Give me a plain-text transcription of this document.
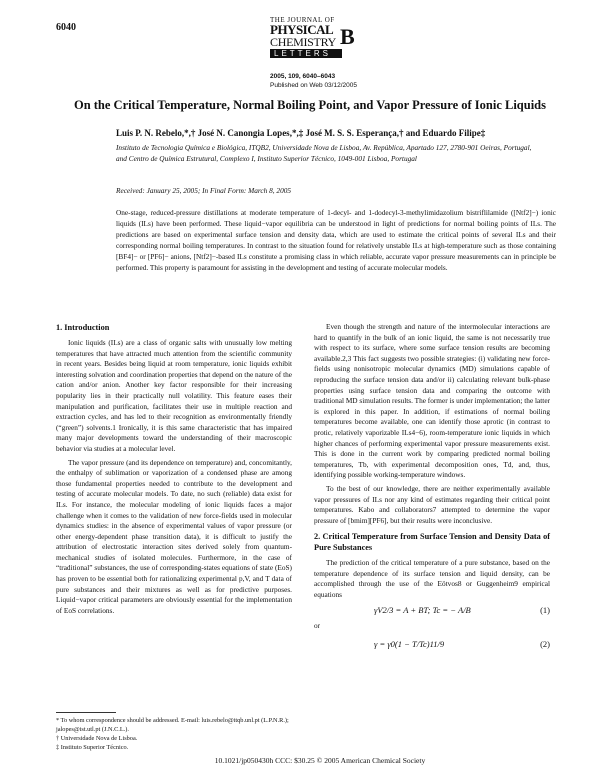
6040
THE JOURNAL OF
PHYSICAL
CHEMISTRY B
LETTERS
2005, 109, 6040–6043
Published on Web 03/12/2005
On the Critical Temperature, Normal Boiling Point, and Vapor Pressure of Ionic Liquids
Luis P. N. Rebelo,*,† José N. Canongia Lopes,*,‡ José M. S. S. Esperança,† and Eduardo Filipe‡
Instituto de Tecnologia Química e Biológica, ITQB2, Universidade Nova de Lisboa, Av. República, Apartado 127, 2780-901 Oeiras, Portugal, and Centro de Química Estrutural, Complexo I, Instituto Superior Técnico, 1049-001 Lisboa, Portugal
Received: January 25, 2005; In Final Form: March 8, 2005
One-stage, reduced-pressure distillations at moderate temperature of 1-decyl- and 1-dodecyl-3-methylimidazolium bistriflilamide ([Ntf2]−) ionic liquids (ILs) have been performed. These liquid−vapor equilibria can be understood in light of predictions for normal boiling points of ILs. The predictions are based on experimental surface tension and density data, which are used to estimate the critical points of several ILs and their corresponding normal boiling temperatures. In contrast to the situation found for relatively unstable ILs at high-temperature such as those containing [BF4]− or [PF6]− anions, [Ntf2]−-based ILs constitute a promising class in which reliable, accurate vapor pressure measurements can in principle be performed. This property is paramount for assisting in the development and testing of accurate molecular models.
1. Introduction

Ionic liquids (ILs) are a class of organic salts with unusually low melting temperatures that have attracted much attention from the scientific community in recent years. Besides being liquid at room temperature, ionic liquids exhibit interesting solvation and coordination properties that depend on the nature of the cation and/or anion. Another key factor responsible for their increasing popularity lies in their practically null volatility. This feature eases their manipulation and purification, facilitates their use in multiple reaction and extraction cycles, and has led to their recognition as environmentally friendly (“green”) solvents.1 Ironically, it is this same characteristic that has impaired many major developments toward the understanding of their macroscopic behavior via studies at a molecular level.

The vapor pressure (and its dependence on temperature) and, concomitantly, the enthalpy of sublimation or vaporization of a condensed phase are among those fundamental properties needed to contribute to the development and testing of accurate molecular models. To date, no such (reliable) data exist for ILs. For instance, the molecular modeling of ionic liquids faces a major challenge when it comes to the validation of new force-fields used in molecular dynamics studies: in the absence of experimental values of vapor pressure (or other energy-dependent phase transition data), it is difficult to justify the attribution of electrostatic interaction sites derived solely from quantum-mechanical studies of isolated molecules. Furthermore, in the case of “traditional” substances, the use of corresponding-states equations of state (EoS) has proven to be essential both for rationalizing experimental p,V, and T data of pure substances and their mixtures as well as for predictive purposes. Liquid−vapor critical parameters are obviously essential for the implementation of EoS correlations.

Even though the strength and nature of the intermolecular interactions are hard to quantify in the bulk of an ionic liquid, the same is not necessarily true with respect to its surface, where some surface tension results are becoming available.2,3 This fact suggests two possible strategies: (i) validating new force-fields using nonisotropic molecular dynamics (MD) simulations capable of reproducing the surface tension data and/or ii) calculating relevant bulk-phase properties using surface tension data and comparing the outcome with traditional MD simulation results. The former is under implementation; the latter is explored in this paper. In addition, if estimations of normal boiling temperatures become available, one can identify those aprotic (in contrast to protic, relatively vaporizable ILs4−6), room-temperature ionic liquids in which higher chances of performing experimental vapor pressure measurements exist. This is done in the current work by comparing predicted normal boiling temperatures, Tb, with experimental decomposition ones, Td, and, thus, identifying possible working-temperature windows.

To the best of our knowledge, there are neither experimentally available vapor pressures of ILs nor any kind of estimates regarding their critical point temperatures. Kabo and collaborators7 attempted to determine the vapor pressure of [bmim][PF6], but their results were inconclusive.

2. Critical Temperature from Surface Tension and Density Data of Pure Substances

The prediction of the critical temperature of a pure substance, based on the temperature dependence of its surface tension and liquid density, can be accomplished through the use of the Eötvos8 or Guggenheim9 empirical equations

γV2/3 = A + BT; Tc = − A/B	(1)
or
γ = γ0(1 − T/Tc)11/9	(2)
* To whom correspondence should be addressed. E-mail: luis.rebelo@itqb.unl.pt (L.P.N.R.); jalopes@ist.utl.pt (J.N.C.L.).
† Universidade Nova de Lisboa.
‡ Instituto Superior Técnico.
10.1021/jp050430h CCC: $30.25 © 2005 American Chemical Society
